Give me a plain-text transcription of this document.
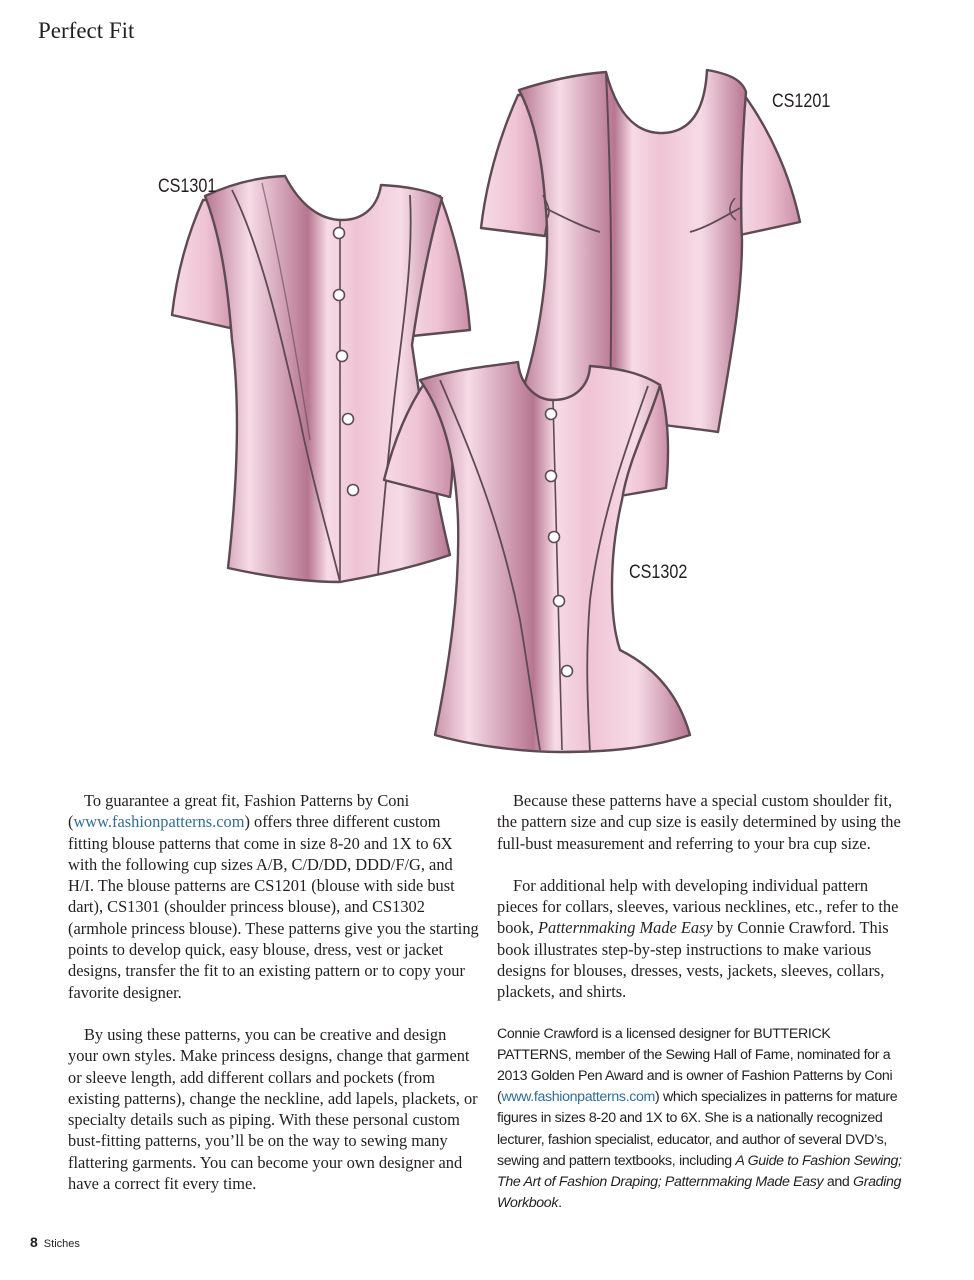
Perfect Fit
CS1201
CS1301
CS1302

To guarantee a great fit, Fashion Patterns by Coni (www.fashionpatterns.com) offers three different custom fitting blouse patterns that come in size 8-20 and 1X to 6X with the following cup sizes A/B, C/D/DD, DDD/F/G, and H/I. The blouse patterns are CS1201 (blouse with side bust dart), CS1301 (shoulder princess blouse), and CS1302 (armhole princess blouse). These patterns give you the starting points to develop quick, easy blouse, dress, vest or jacket designs, transfer the fit to an existing pattern or to copy your favorite designer.

By using these patterns, you can be creative and design your own styles. Make princess designs, change that garment or sleeve length, add different collars and pockets (from existing patterns), change the neckline, add lapels, plackets, or specialty details such as piping. With these personal custom bust-fitting patterns, you’ll be on the way to sewing many flattering garments. You can become your own designer and have a correct fit every time.

Because these patterns have a special custom shoulder fit, the pattern size and cup size is easily determined by using the full-bust measurement and referring to your bra cup size.

For additional help with developing individual pattern pieces for collars, sleeves, various necklines, etc., refer to the book, Patternmaking Made Easy by Connie Crawford. This book illustrates step-by-step instructions to make various designs for blouses, dresses, vests, jackets, sleeves, collars, plackets, and shirts.

Connie Crawford is a licensed designer for BUTTERICK PATTERNS, member of the Sewing Hall of Fame, nominated for a 2013 Golden Pen Award and is owner of Fashion Patterns by Coni (www.fashionpatterns.com) which specializes in patterns for mature figures in sizes 8-20 and 1X to 6X. She is a nationally recognized lecturer, fashion specialist, educator, and author of several DVD’s, sewing and pattern textbooks, including A Guide to Fashion Sewing; The Art of Fashion Draping; Patternmaking Made Easy and Grading Workbook.
8 Stiches
